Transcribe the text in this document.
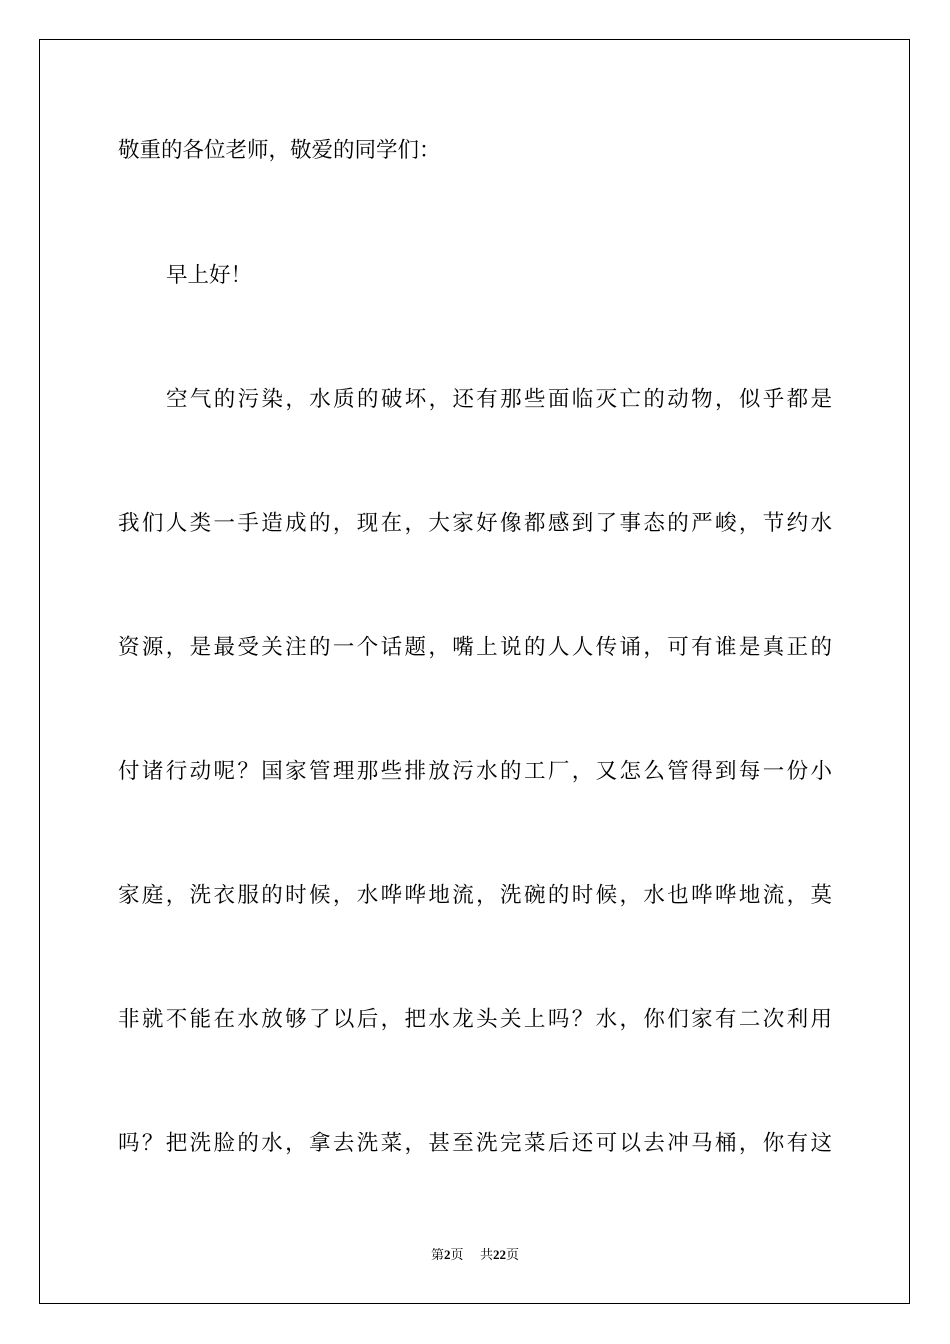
敬重的各位老师，敬爱的同学们：

早上好！

空气的污染，水质的破坏，还有那些面临灭亡的动物，似乎都是

我们人类一手造成的，现在，大家好像都感到了事态的严峻，节约水

资源，是最受关注的一个话题，嘴上说的人人传诵，可有谁是真正的

付诸行动呢？国家管理那些排放污水的工厂，又怎么管得到每一份小

家庭，洗衣服的时候，水哗哗地流，洗碗的时候，水也哗哗地流，莫

非就不能在水放够了以后，把水龙头关上吗？水，你们家有二次利用

吗？把洗脸的水，拿去洗菜，甚至洗完菜后还可以去冲马桶，你有这

第2页 共22页
